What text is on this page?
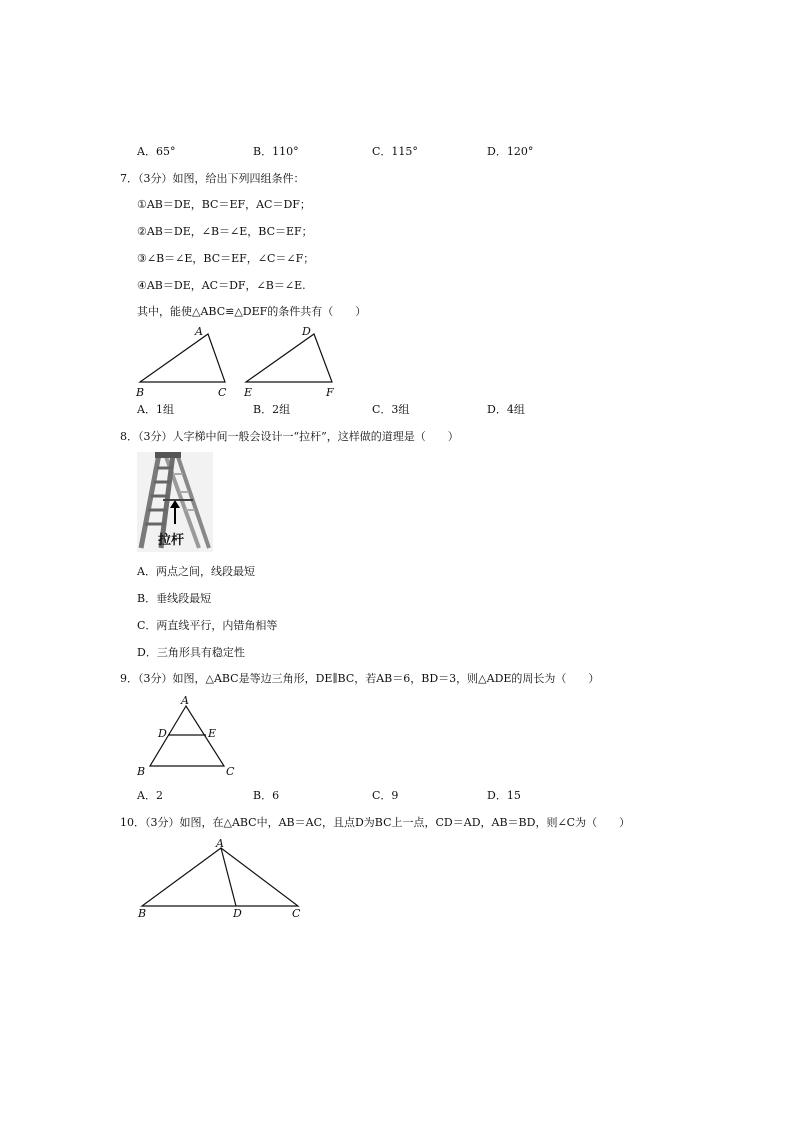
A．65°	B．110°	C．115°	D．120°
7．（3分）如图，给出下列四组条件：
①AB＝DE，BC＝EF，AC＝DF；
②AB＝DE，∠B＝∠E，BC＝EF；
③∠B＝∠E，BC＝EF，∠C＝∠F；
④AB＝DE，AC＝DF，∠B＝∠E.
其中，能使△ABC≌△DEF的条件共有（　　）
A
B	C
D
E	F
A．1组	B．2组	C．3组	D．4组
8．（3分）人字梯中间一般会设计一“拉杆”，这样做的道理是（　　）
拉杆
A．两点之间，线段最短
B．垂线段最短
C．两直线平行，内错角相等
D．三角形具有稳定性
9．（3分）如图，△ABC是等边三角形，DE∥BC，若AB＝6，BD＝3，则△ADE的周长为（　　）
A
D	E
B	C
A．2	B．6	C．9	D．15
10．（3分）如图，在△ABC中，AB＝AC，且点D为BC上一点，CD＝AD，AB＝BD，则∠C为（　　）
A
B	D	C
